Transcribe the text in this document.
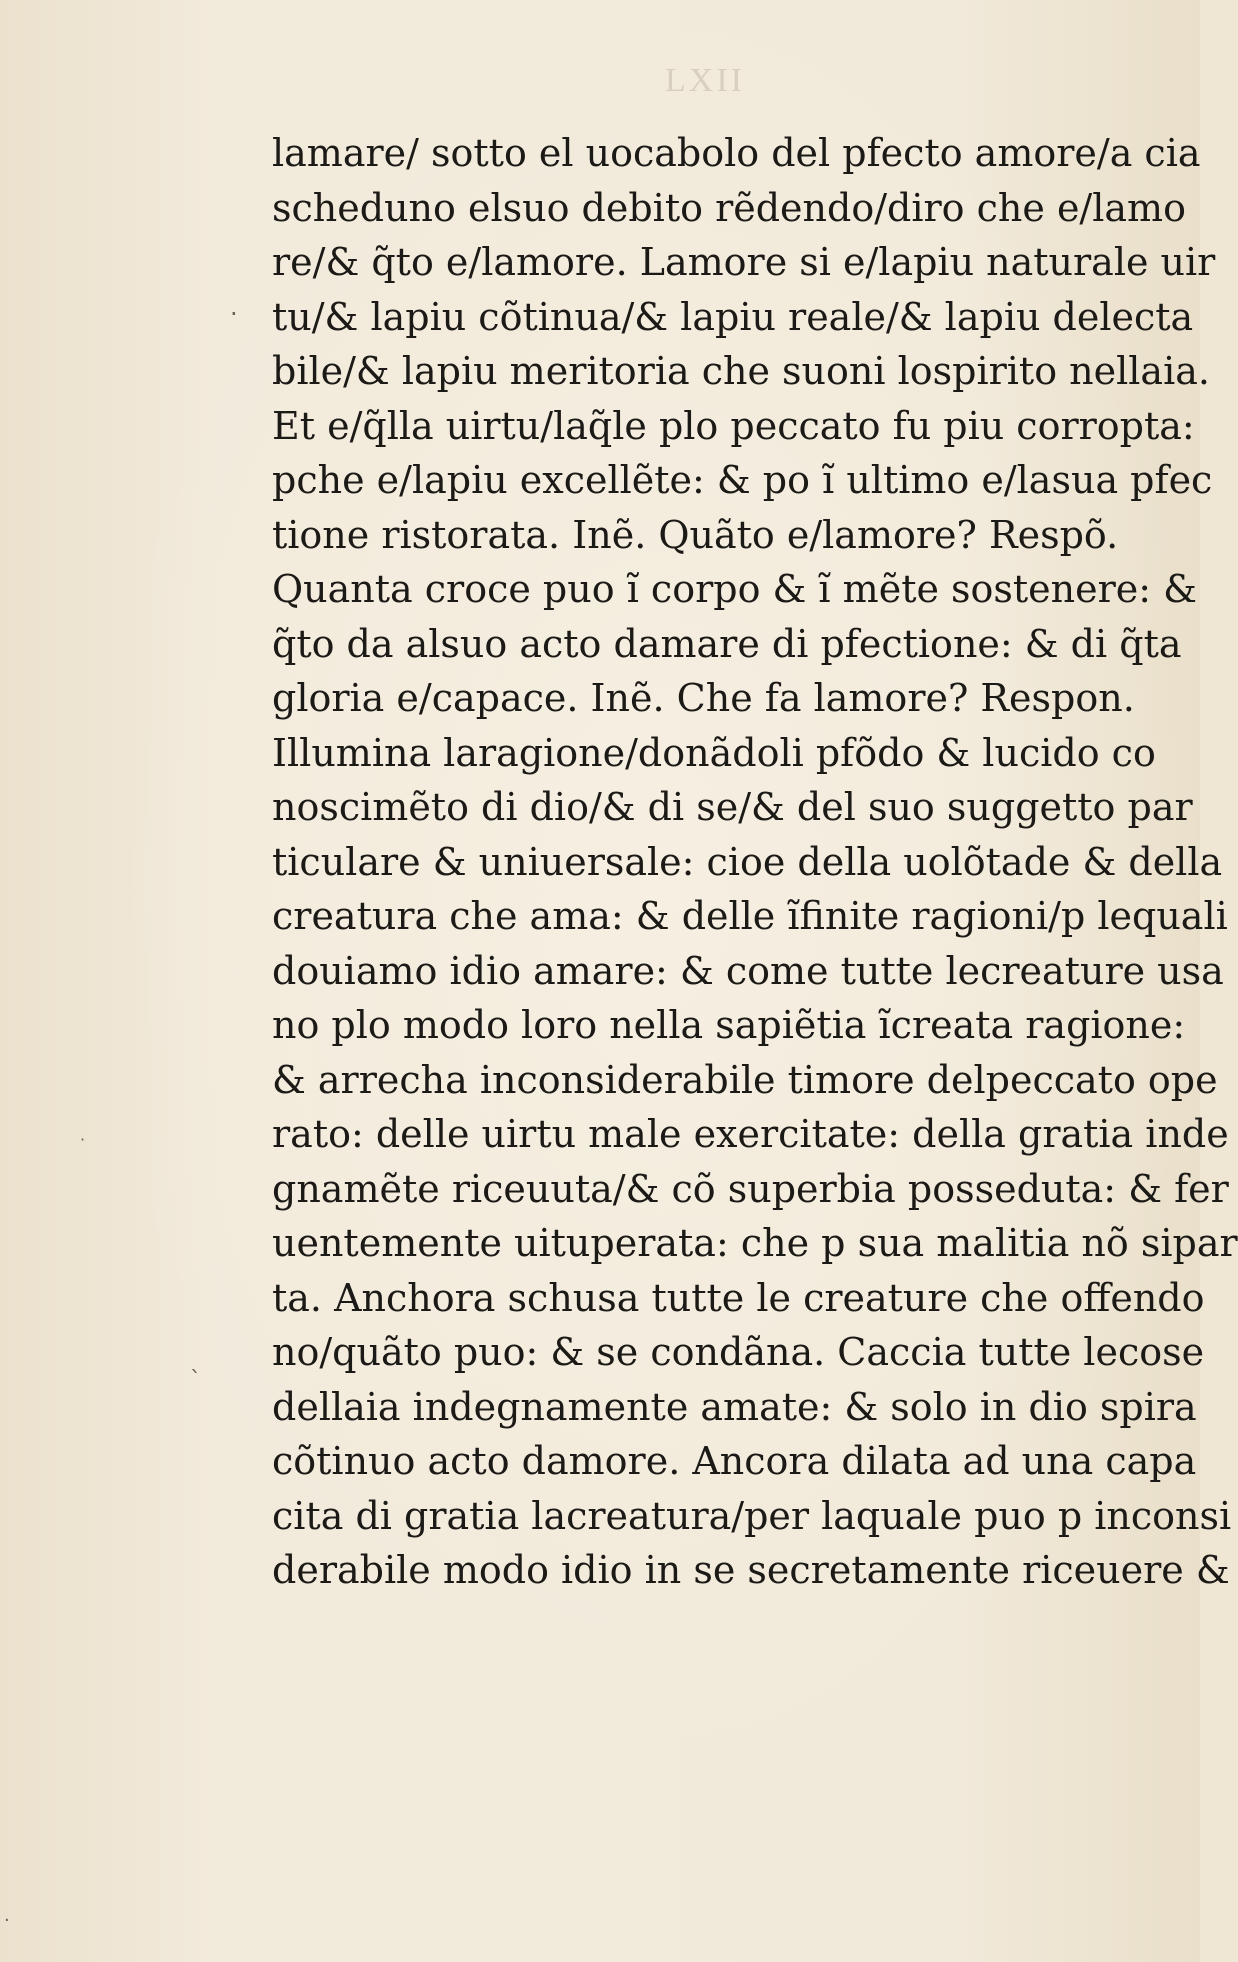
LXII
·
ˋ
·
·
lamare/ sotto el uocabolo del pfecto amore/a cia
scheduno elsuo debito rẽdendo/diro che e/lamo
re/& q̃to e/lamore. Lamore si e/lapiu naturale uir
tu/& lapiu cõtinua/& lapiu reale/& lapiu delecta
bile/& lapiu meritoria che suoni lospirito nellaia.
Et e/q̃lla uirtu/laq̃le plo peccato fu piu corropta:
pche e/lapiu excellẽte: & po ĩ ultimo e/lasua pfec
tione ristorata. Inẽ. Quãto e/lamore? Respõ.
Quanta croce puo ĩ corpo & ĩ mẽte sostenere: &
q̃to da alsuo acto damare di pfectione: & di q̃ta
gloria e/capace. Inẽ. Che fa lamore? Respon.
Illumina laragione/donãdoli pfõdo & lucido co
noscimẽto di dio/& di se/& del suo suggetto par
ticulare & uniuersale: cioe della uolõtade & della
creatura che ama: & delle ĩfinite ragioni/p lequali
douiamo idio amare: & come tutte lecreature usa
no plo modo loro nella sapiẽtia ĩcreata ragione:
& arrecha inconsiderabile timore delpeccato ope
rato: delle uirtu male exercitate: della gratia inde
gnamẽte riceuuta/& cõ superbia posseduta: & fer
uentemente uituperata: che p sua malitia nõ sipar
ta. Anchora schusa tutte le creature che offendo
no/quãto puo: & se condãna. Caccia tutte lecose
dellaia indegnamente amate: & solo in dio spira
cõtinuo acto damore. Ancora dilata ad una capa
cita di gratia lacreatura/per laquale puo p inconsi
derabile modo idio in se secretamente riceuere &
